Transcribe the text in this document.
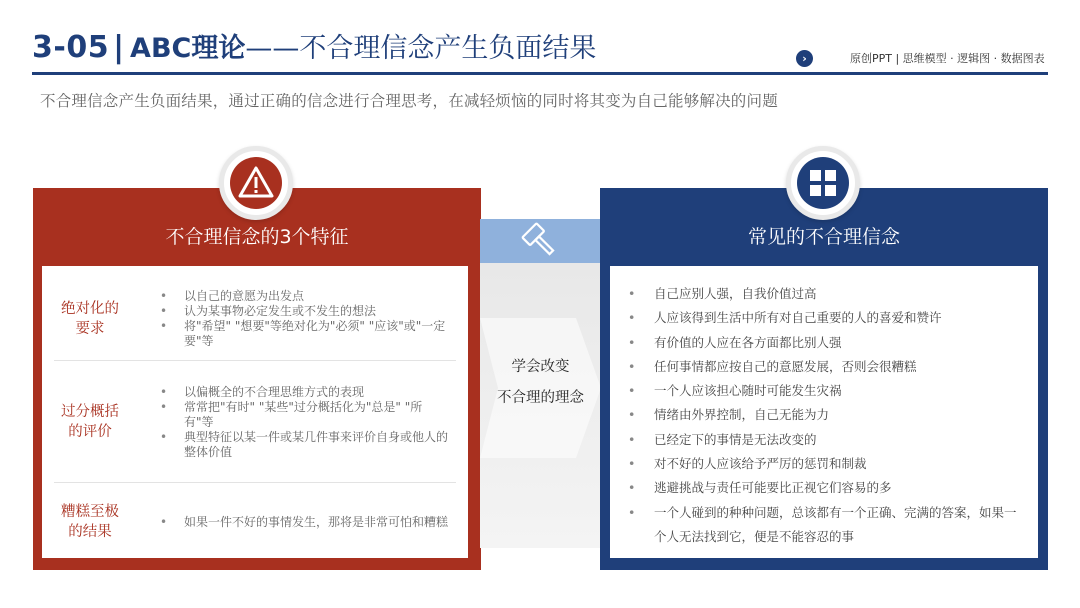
3-05 | ABC理论 —— 不合理信念产生负面结果	›	原创PPT | 思维模型 · 逻辑图 · 数据图表
不合理信念产生负面结果，通过正确的信念进行合理思考，在减轻烦恼的同时将其变为自己能够解决的问题
不合理信念的3个特征
绝对化的
要求
• 以自己的意愿为出发点
• 认为某事物必定发生或不发生的想法
• 将"希望" "想要"等绝对化为"必须" "应该"或"一定要"等
过分概括
的评价
• 以偏概全的不合理思维方式的表现
• 常常把"有时" "某些"过分概括化为"总是" "所有"等
• 典型特征以某一件或某几件事来评价自身或他人的整体价值
糟糕至极
的结果
• 如果一件不好的事情发生，那将是非常可怕和糟糕
学会改变
不合理的理念
常见的不合理信念
• 自己应别人强，自我价值过高
• 人应该得到生活中所有对自己重要的人的喜爱和赞许
• 有价值的人应在各方面都比别人强
• 任何事情都应按自己的意愿发展，否则会很糟糕
• 一个人应该担心随时可能发生灾祸
• 情绪由外界控制，自己无能为力
• 已经定下的事情是无法改变的
• 对不好的人应该给予严厉的惩罚和制裁
• 逃避挑战与责任可能要比正视它们容易的多
• 一个人碰到的种种问题，总该都有一个正确、完满的答案，如果一个人无法找到它，便是不能容忍的事
